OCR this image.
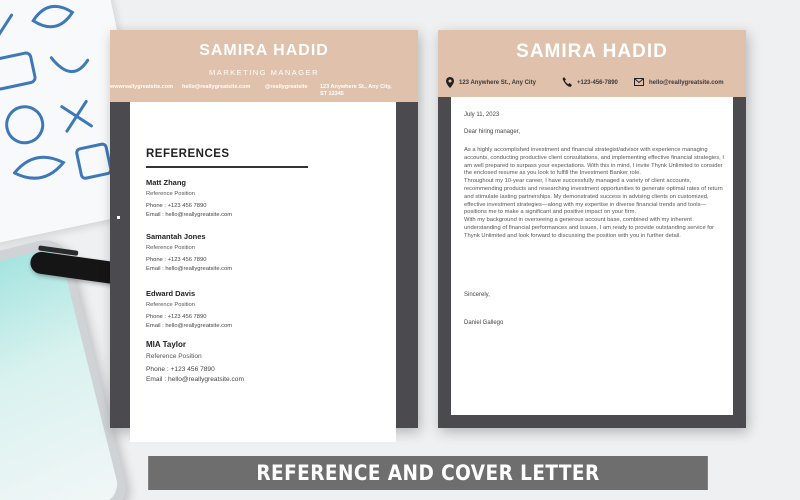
SAMIRA HADID
MARKETING MANAGER
wwwreallygreatsite.com hello@reallygreatsite.com	@reallygreatsite 123 Anywhere St., Any City,
ST 12345
REFERENCES
Matt Zhang
Reference Position
Phone : +123 456 7890
Email : hello@reallygreatsite.com
Samantah Jones
Reference Position
Phone : +123 456 7890
Email : hello@reallygreatsite.com
Edward Davis
Reference Position
Phone : +123 456 7890
Email : hello@reallygreatsite.com
MIA Taylor
Reference Position
Phone : +123 456 7890
Email : hello@reallygreatsite.com
SAMIRA HADID
123 Anywhere St., Any City	+123-456-7890	hello@reallygreatsite.com
July 11, 2023
Dear hiring manager,

As a highly accomplished investment and financial strategist/advisor with experience managing accounts, conducting productive client consultations, and implementing effective financial strategies, I am well prepared to surpass your expectations. With this in mind, I invite Thynk Unlimited to consider the enclosed resume as you look to fulfill the Investment Banker role.

Throughout my 10-year career, I have successfully managed a variety of client accounts, recommending products and researching investment opportunities to generate optimal rates of return and stimulate lasting partnerships. My demonstrated success in advising clients on customized, effective investment strategies—along with my expertise in diverse financial trends and tools—positions me to make a significant and positive impact on your firm.

With my background in overseeing a generous account base, combined with my inherent understanding of financial performances and issues, I am ready to provide outstanding service for Thynk Unlimited and look forward to discussing the position with you in further detail.

Sincerely,
Daniel Gallego
REFERENCE AND COVER LETTER
